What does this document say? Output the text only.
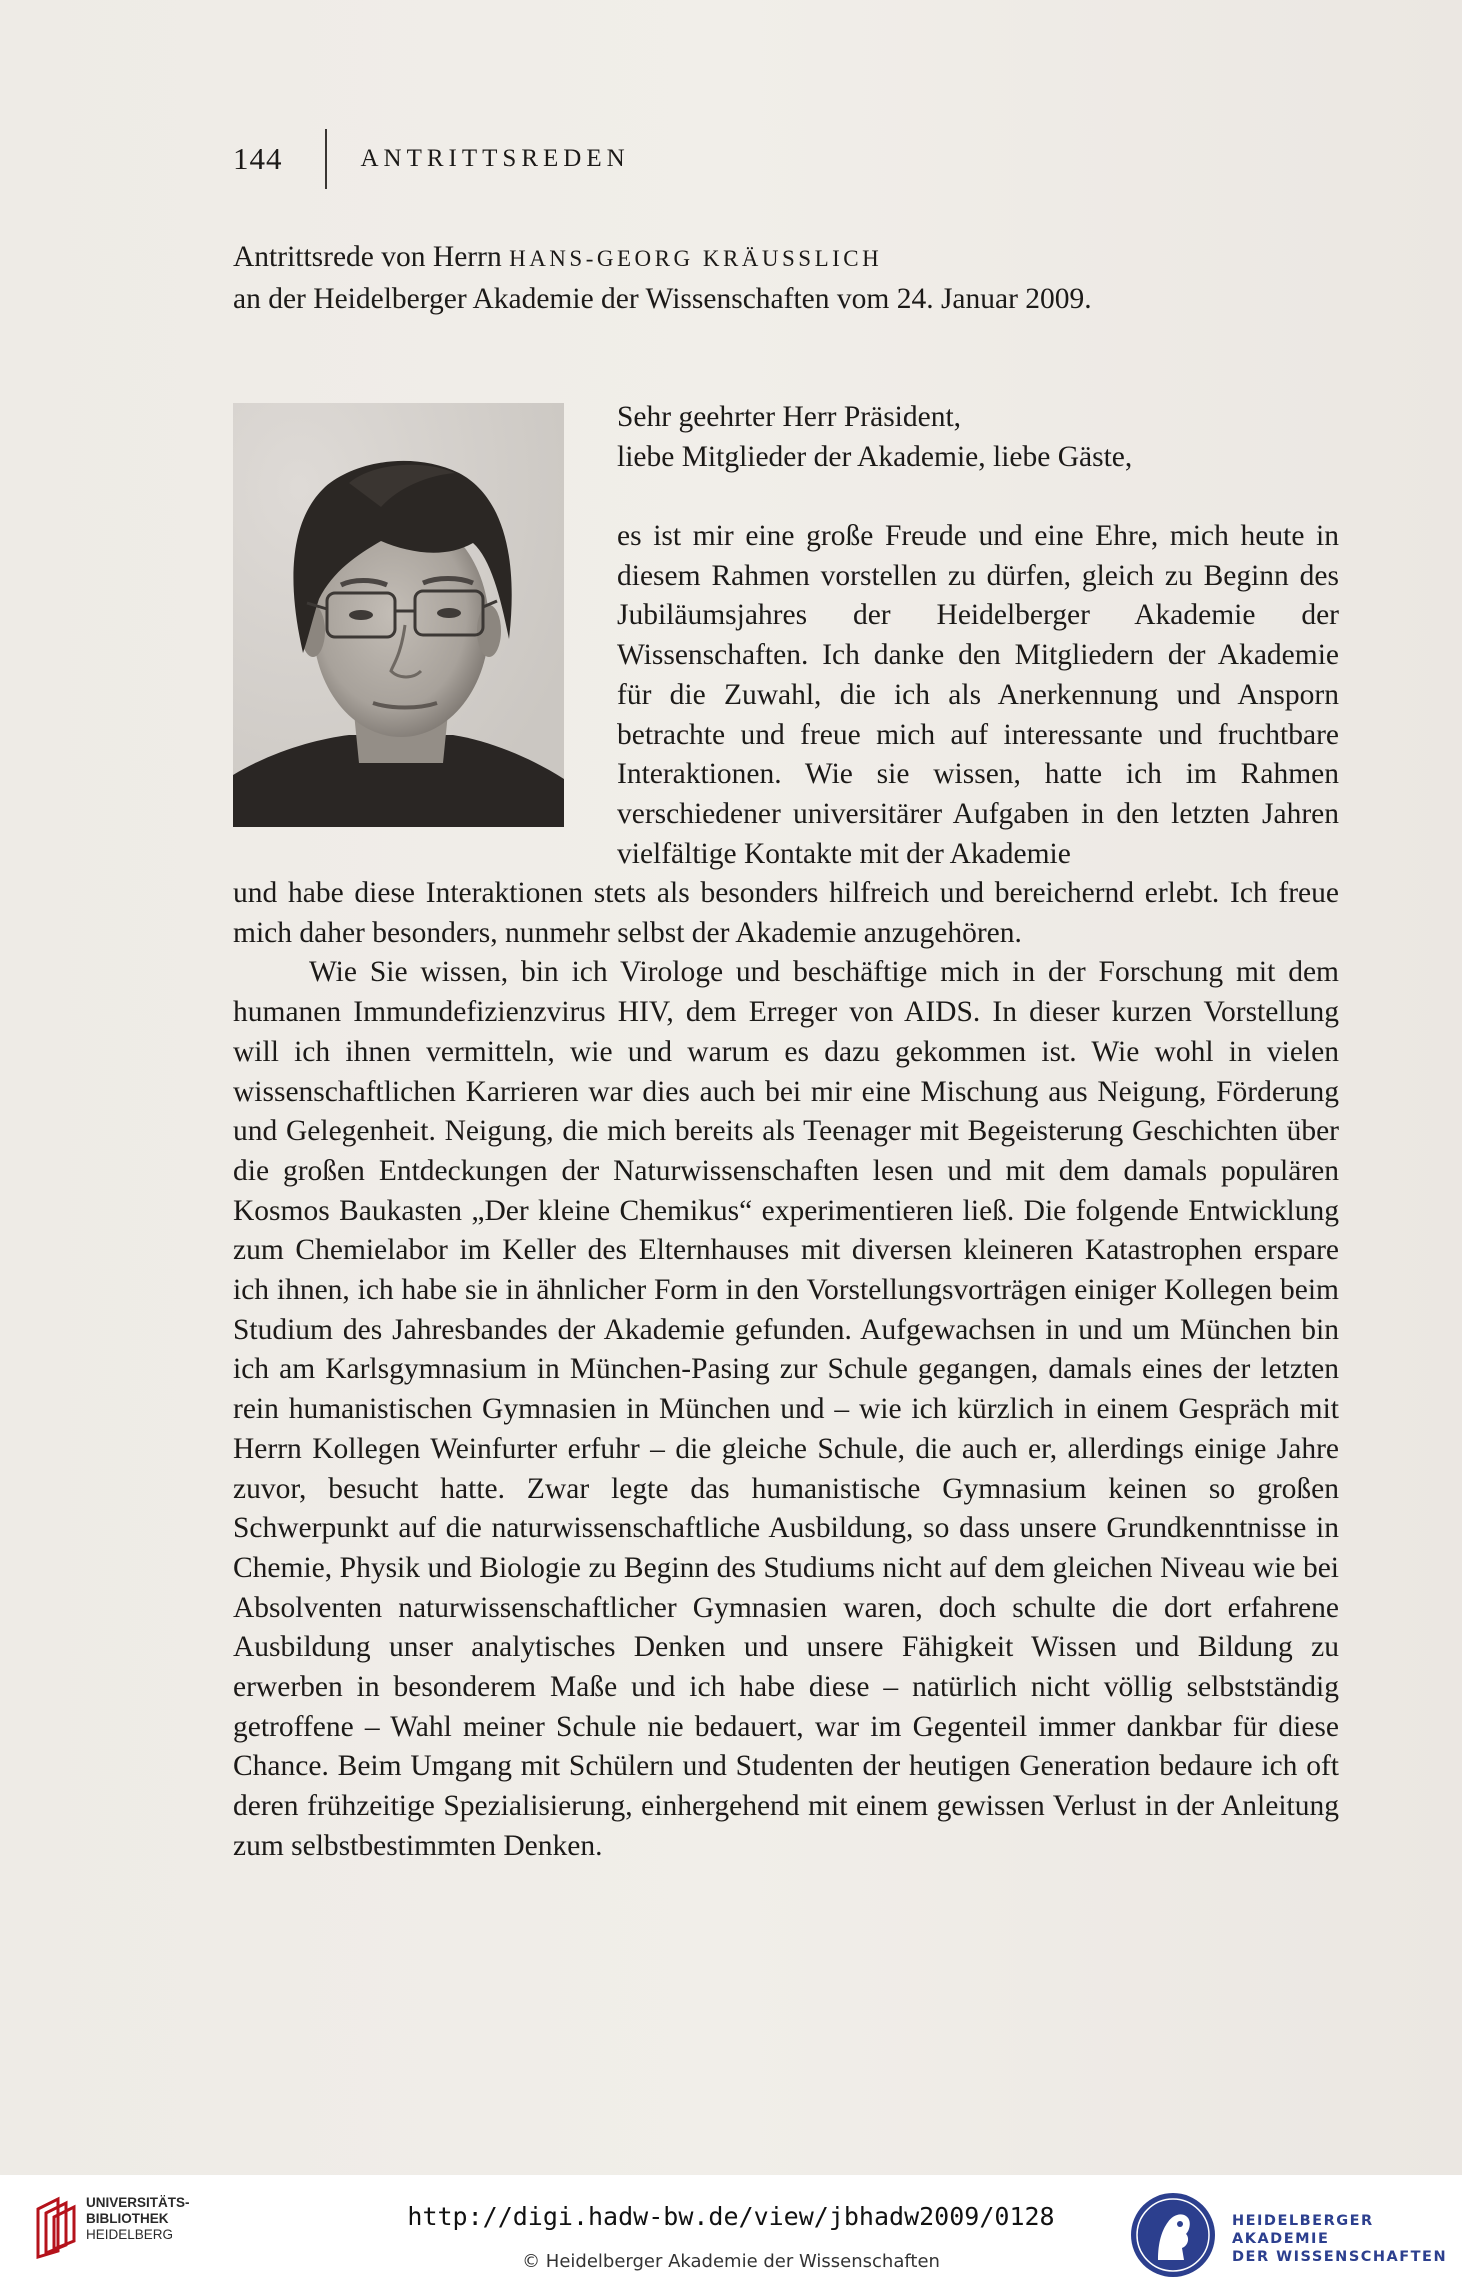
144	ANTRITTSREDEN
Antrittsrede von Herrn HANS-GEORG KRÄUSSLICH
an der Heidelberger Akademie der Wissenschaften vom 24. Januar 2009.

Sehr geehrter Herr Präsident,

liebe Mitglieder der Akademie, liebe Gäste,

es ist mir eine große Freude und eine Ehre, mich heute in diesem Rahmen vorstellen zu dürfen, gleich zu Beginn des Jubiläumsjahres der Heidelberger Akademie der Wissenschaften. Ich danke den Mitgliedern der Akademie für die Zuwahl, die ich als Anerkennung und Ansporn betrachte und freue mich auf interessante und fruchtbare Interaktionen. Wie sie wissen, hatte ich im Rahmen verschiedener universitärer Aufgaben in den letzten Jahren vielfältige Kontakte mit der Akademie

und habe diese Interaktionen stets als besonders hilfreich und bereichernd erlebt. Ich freue mich daher besonders, nunmehr selbst der Akademie anzugehören.

Wie Sie wissen, bin ich Virologe und beschäftige mich in der Forschung mit dem humanen Immundefizienzvirus HIV, dem Erreger von AIDS. In dieser kurzen Vorstellung will ich ihnen vermitteln, wie und warum es dazu gekommen ist. Wie wohl in vielen wissenschaftlichen Karrieren war dies auch bei mir eine Mischung aus Neigung, Förderung und Gelegenheit. Neigung, die mich bereits als Teenager mit Begeisterung Geschichten über die großen Entdeckungen der Naturwissenschaften lesen und mit dem damals populären Kosmos Baukasten „Der kleine Chemikus“ experimentieren ließ. Die folgende Entwicklung zum Chemielabor im Keller des Elternhauses mit diversen kleineren Katastrophen erspare ich ihnen, ich habe sie in ähnlicher Form in den Vorstellungsvorträgen einiger Kollegen beim Studium des Jahresbandes der Akademie gefunden. Aufgewachsen in und um München bin ich am Karlsgymnasium in München-Pasing zur Schule gegangen, damals eines der letzten rein humanistischen Gymnasien in München und – wie ich kürzlich in einem Gespräch mit Herrn Kollegen Weinfurter erfuhr – die gleiche Schule, die auch er, allerdings einige Jahre zuvor, besucht hatte. Zwar legte das humanistische Gymnasium keinen so großen Schwerpunkt auf die naturwissenschaftliche Ausbildung, so dass unsere Grundkenntnisse in Chemie, Physik und Biologie zu Beginn des Studiums nicht auf dem gleichen Niveau wie bei Absolventen naturwissenschaftlicher Gymnasien waren, doch schulte die dort erfahrene Ausbildung unser analytisches Denken und unsere Fähigkeit Wissen und Bildung zu erwerben in besonderem Maße und ich habe diese – natürlich nicht völlig selbstständig getroffene – Wahl meiner Schule nie bedauert, war im Gegenteil immer dankbar für diese Chance. Beim Umgang mit Schülern und Studenten der heutigen Generation bedaure ich oft deren frühzeitige Spezialisierung, einhergehend mit einem gewissen Verlust in der Anleitung zum selbstbestimmten Denken.

UNIVERSITÄTS-
BIBLIOTHEK
HEIDELBERG
http://digi.hadw-bw.de/view/jbhadw2009/0128
© Heidelberger Akademie der Wissenschaften
HEIDELBERGER AKADEMIE
DER WISSENSCHAFTEN
